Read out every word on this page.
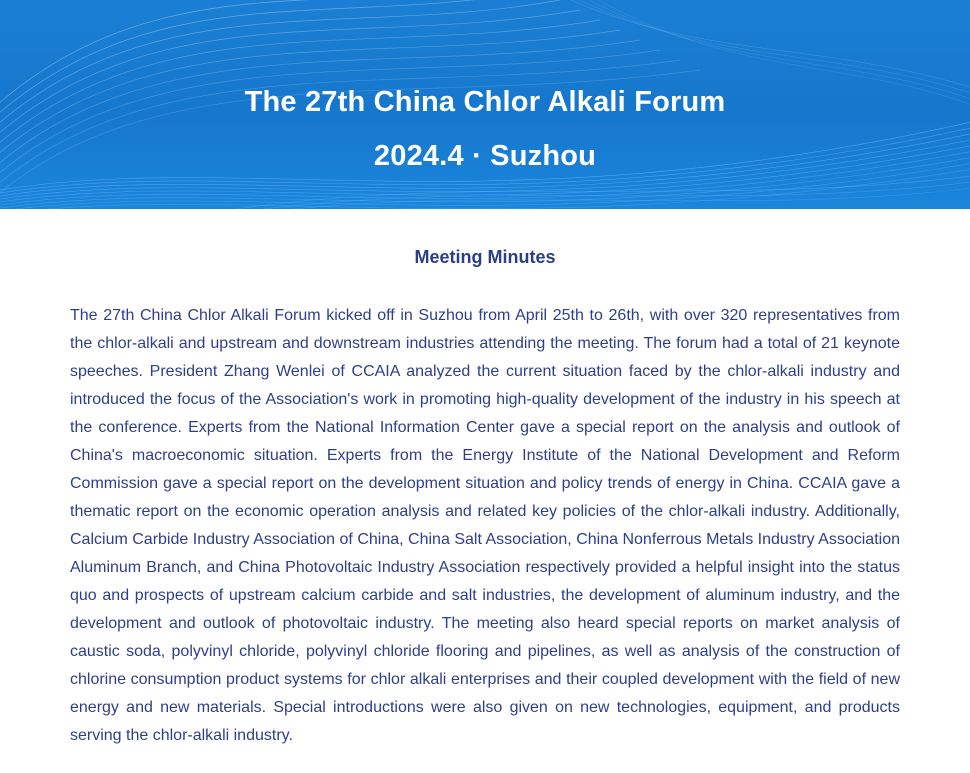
The 27th China Chlor Alkali Forum
2024.4 · Suzhou
Meeting Minutes

The 27th China Chlor Alkali Forum kicked off in Suzhou from April 25th to 26th, with over 320 representatives from the chlor-alkali and upstream and downstream industries attending the meeting. The forum had a total of 21 keynote speeches. President Zhang Wenlei of CCAIA analyzed the current situation faced by the chlor-alkali industry and introduced the focus of the Association's work in promoting high-quality development of the industry in his speech at the conference. Experts from the National Information Center gave a special report on the analysis and outlook of China's macroeconomic situation. Experts from the Energy Institute of the National Development and Reform Commission gave a special report on the development situation and policy trends of energy in China. CCAIA gave a thematic report on the economic operation analysis and related key policies of the chlor-alkali industry. Additionally, Calcium Carbide Industry Association of China, China Salt Association, China Nonferrous Metals Industry Association Aluminum Branch, and China Photovoltaic Industry Association respectively provided a helpful insight into the status quo and prospects of upstream calcium carbide and salt industries, the development of aluminum industry, and the development and outlook of photovoltaic industry. The meeting also heard special reports on market analysis of caustic soda, polyvinyl chloride, polyvinyl chloride flooring and pipelines, as well as analysis of the construction of chlorine consumption product systems for chlor alkali enterprises and their coupled development with the field of new energy and new materials. Special introductions were also given on new technologies, equipment, and products serving the chlor-alkali industry.
